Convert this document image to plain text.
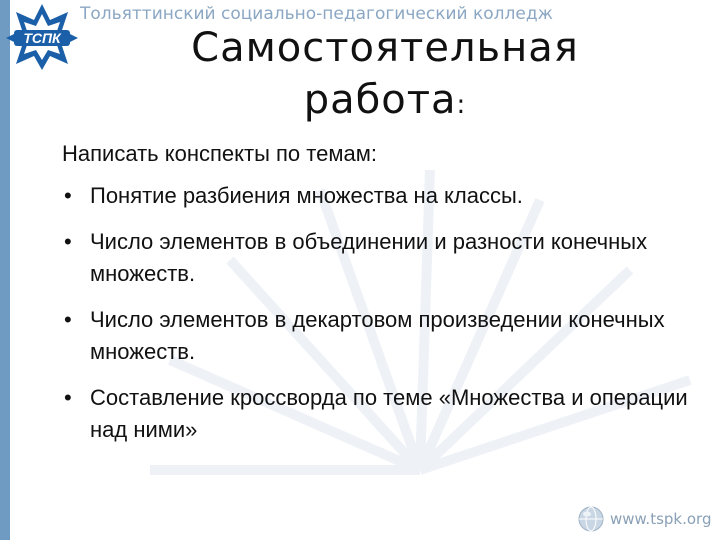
TCПК
Тольяттинский социально-педагогический колледж
Самостоятельная
работа:
Написать конспекты по темам:
• Понятие разбиения множества на классы.
• Число элементов в объединении и разности конечных множеств.
• Число элементов в декартовом произведении конечных множеств.
• Составление кроссворда по теме «Множества и операции над ними»
www.tspk.org
